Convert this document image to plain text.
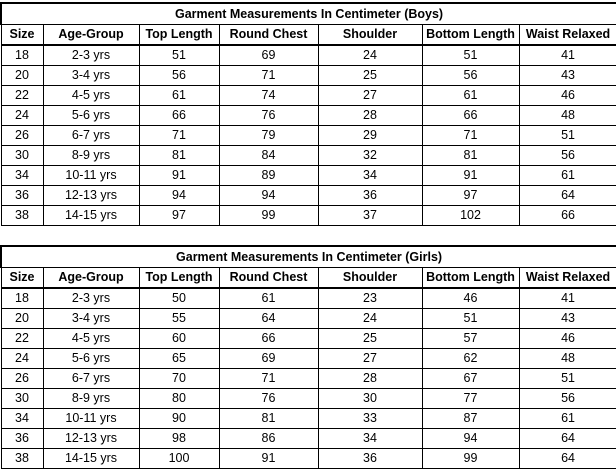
Garment Measurements In Centimeter (Boys)						
Size	Age-Group	Top Length	Round Chest	Shoulder	Bottom Length	Waist Relaxed
18	2-3 yrs	51	69	24	51	41
20	3-4 yrs	56	71	25	56	43
22	4-5 yrs	61	74	27	61	46
24	5-6 yrs	66	76	28	66	48
26	6-7 yrs	71	79	29	71	51
30	8-9 yrs	81	84	32	81	56
34	10-11 yrs	91	89	34	91	61
36	12-13 yrs	94	94	36	97	64
38	14-15 yrs	97	99	37	102	66
Garment Measurements In Centimeter (Girls)						
Size	Age-Group	Top Length	Round Chest	Shoulder	Bottom Length	Waist Relaxed
18	2-3 yrs	50	61	23	46	41
20	3-4 yrs	55	64	24	51	43
22	4-5 yrs	60	66	25	57	46
24	5-6 yrs	65	69	27	62	48
26	6-7 yrs	70	71	28	67	51
30	8-9 yrs	80	76	30	77	56
34	10-11 yrs	90	81	33	87	61
36	12-13 yrs	98	86	34	94	64
38	14-15 yrs	100	91	36	99	64
